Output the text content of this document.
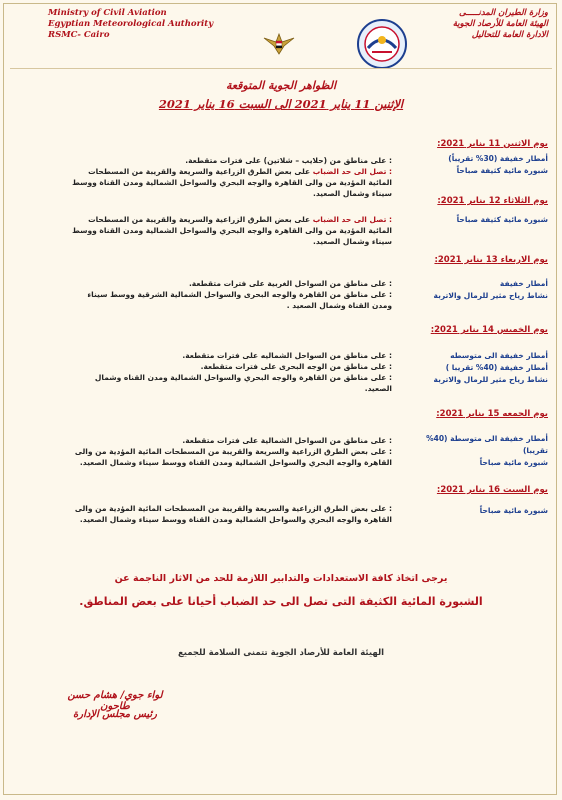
Ministry of Civil Aviation
Egyptian Meteorological Authority
RSMC- Cairo
وزارة الطيران المدنـــــى
الهيئة العامة للأرصاد الجوية
الادارة العامة للتحاليل
الظواهر الجوية المتوقعة
الإثنين 11 يناير 2021 الى السبت 16 يناير 2021
يوم الاثنين 11 يناير 2021:
أمطار خفيفة (30% تقريباً)
شبورة مائية كثيفة صباحاً
: على مناطق من (حلايب – شلاتين) على فترات متقطعة.
: تصل الى حد الضباب على بعض الطرق الزراعية والسريعة والقريبة من المسطحات المائية المؤدية من والى القاهرة والوجه البحري والسواحل الشمالية ومدن القناة ووسط سيناء وشمال الصعيد.
يوم الثلاثاء 12 يناير 2021:
شبورة مائية كثيفة صباحاً
: تصل الى حد الضباب على بعض الطرق الزراعية والسريعة والقريبة من المسطحات المائية المؤدية من والى القاهرة والوجه البحري والسواحل الشمالية ومدن القناة ووسط سيناء وشمال الصعيد.
يوم الاربعاء 13 يناير 2021:
أمطار خفيفة
نشاط رياح مثير للرمال والاتربة
: على مناطق من السواحل الغربية على فترات متقطعة.
: على مناطق من القاهرة والوجه البحرى والسواحل الشمالية الشرقية ووسط سيناء ومدن القناة وشمال الصعيد .
يوم الخميس 14 يناير 2021:
أمطار خفيفة الى متوسطه
أمطار خفيفة (40% تقريبا )
نشاط رياح مثير للرمال والاتربة
: على مناطق من السواحل الشماليه على فترات متقطعة.
: على مناطق من الوجه البحرى على فترات متقطعة.
: على مناطق من القاهرة والوجه البحري والسواحل الشمالية ومدن القناه وشمال الصعيد.
يوم الجمعه 15 يناير 2021:
أمطار خفيفة الى متوسطة (40% تقريبا)
شبورة مائية صباحاً
: على مناطق من السواحل الشمالية على فترات متقطعة.
: على بعض الطرق الزراعية والسريعة والقريبة من المسطحات المائية المؤدية من والى القاهرة والوجه البحري والسواحل الشمالية ومدن القناة ووسط سيناء وشمال الصعيد.
يوم السبت 16 يناير 2021:
شبورة مائية صباحاً
: على بعض الطرق الزراعية والسريعة والقريبة من المسطحات المائية المؤدية من والى القاهرة والوجه البحري والسواحل الشمالية ومدن القناة ووسط سيناء وشمال الصعيد.
يرجى اتخاذ كافة الاستعدادات والتدابير اللازمة للحد من الاثار الناجمة عن
الشبورة المائية الكثيفة التى تصل الى حد الضباب أحيانا على بعض المناطق.
الهيئة العامة للأرصاد الجوية تتمنى السلامة للجميع
لواء جوي/ هشام حسن طاحون
رئيس مجلس الإدارة
